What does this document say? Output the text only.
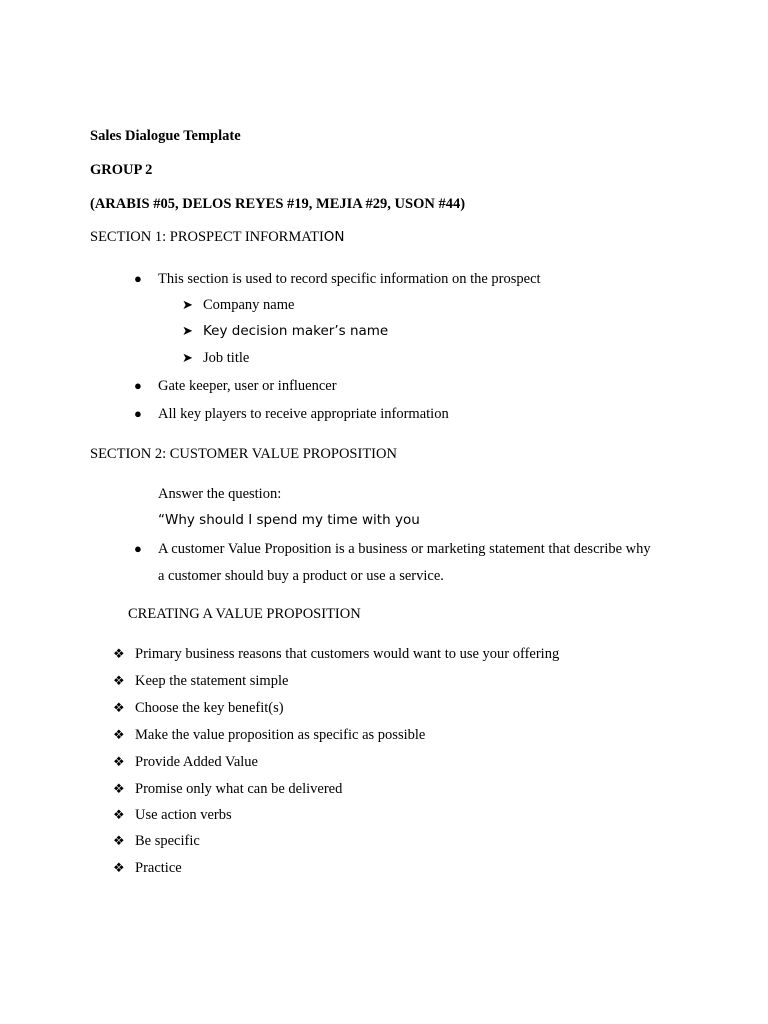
Sales Dialogue Template
GROUP 2
(ARABIS #05, DELOS REYES #19, MEJIA #29, USON #44)
SECTION 1: PROSPECT INFORMATION
● This section is used to record specific information on the prospect
➤ Company name
➤ Key decision maker’s name
➤ Job title
● Gate keeper, user or influencer
● All key players to receive appropriate information
SECTION 2: CUSTOMER VALUE PROPOSITION
Answer the question:
“Why should I spend my time with you
● A customer Value Proposition is a business or marketing statement that describe why
a customer should buy a product or use a service.
CREATING A VALUE PROPOSITION
❖ Primary business reasons that customers would want to use your offering
❖ Keep the statement simple
❖ Choose the key benefit(s)
❖ Make the value proposition as specific as possible
❖ Provide Added Value
❖ Promise only what can be delivered
❖ Use action verbs
❖ Be specific
❖ Practice
